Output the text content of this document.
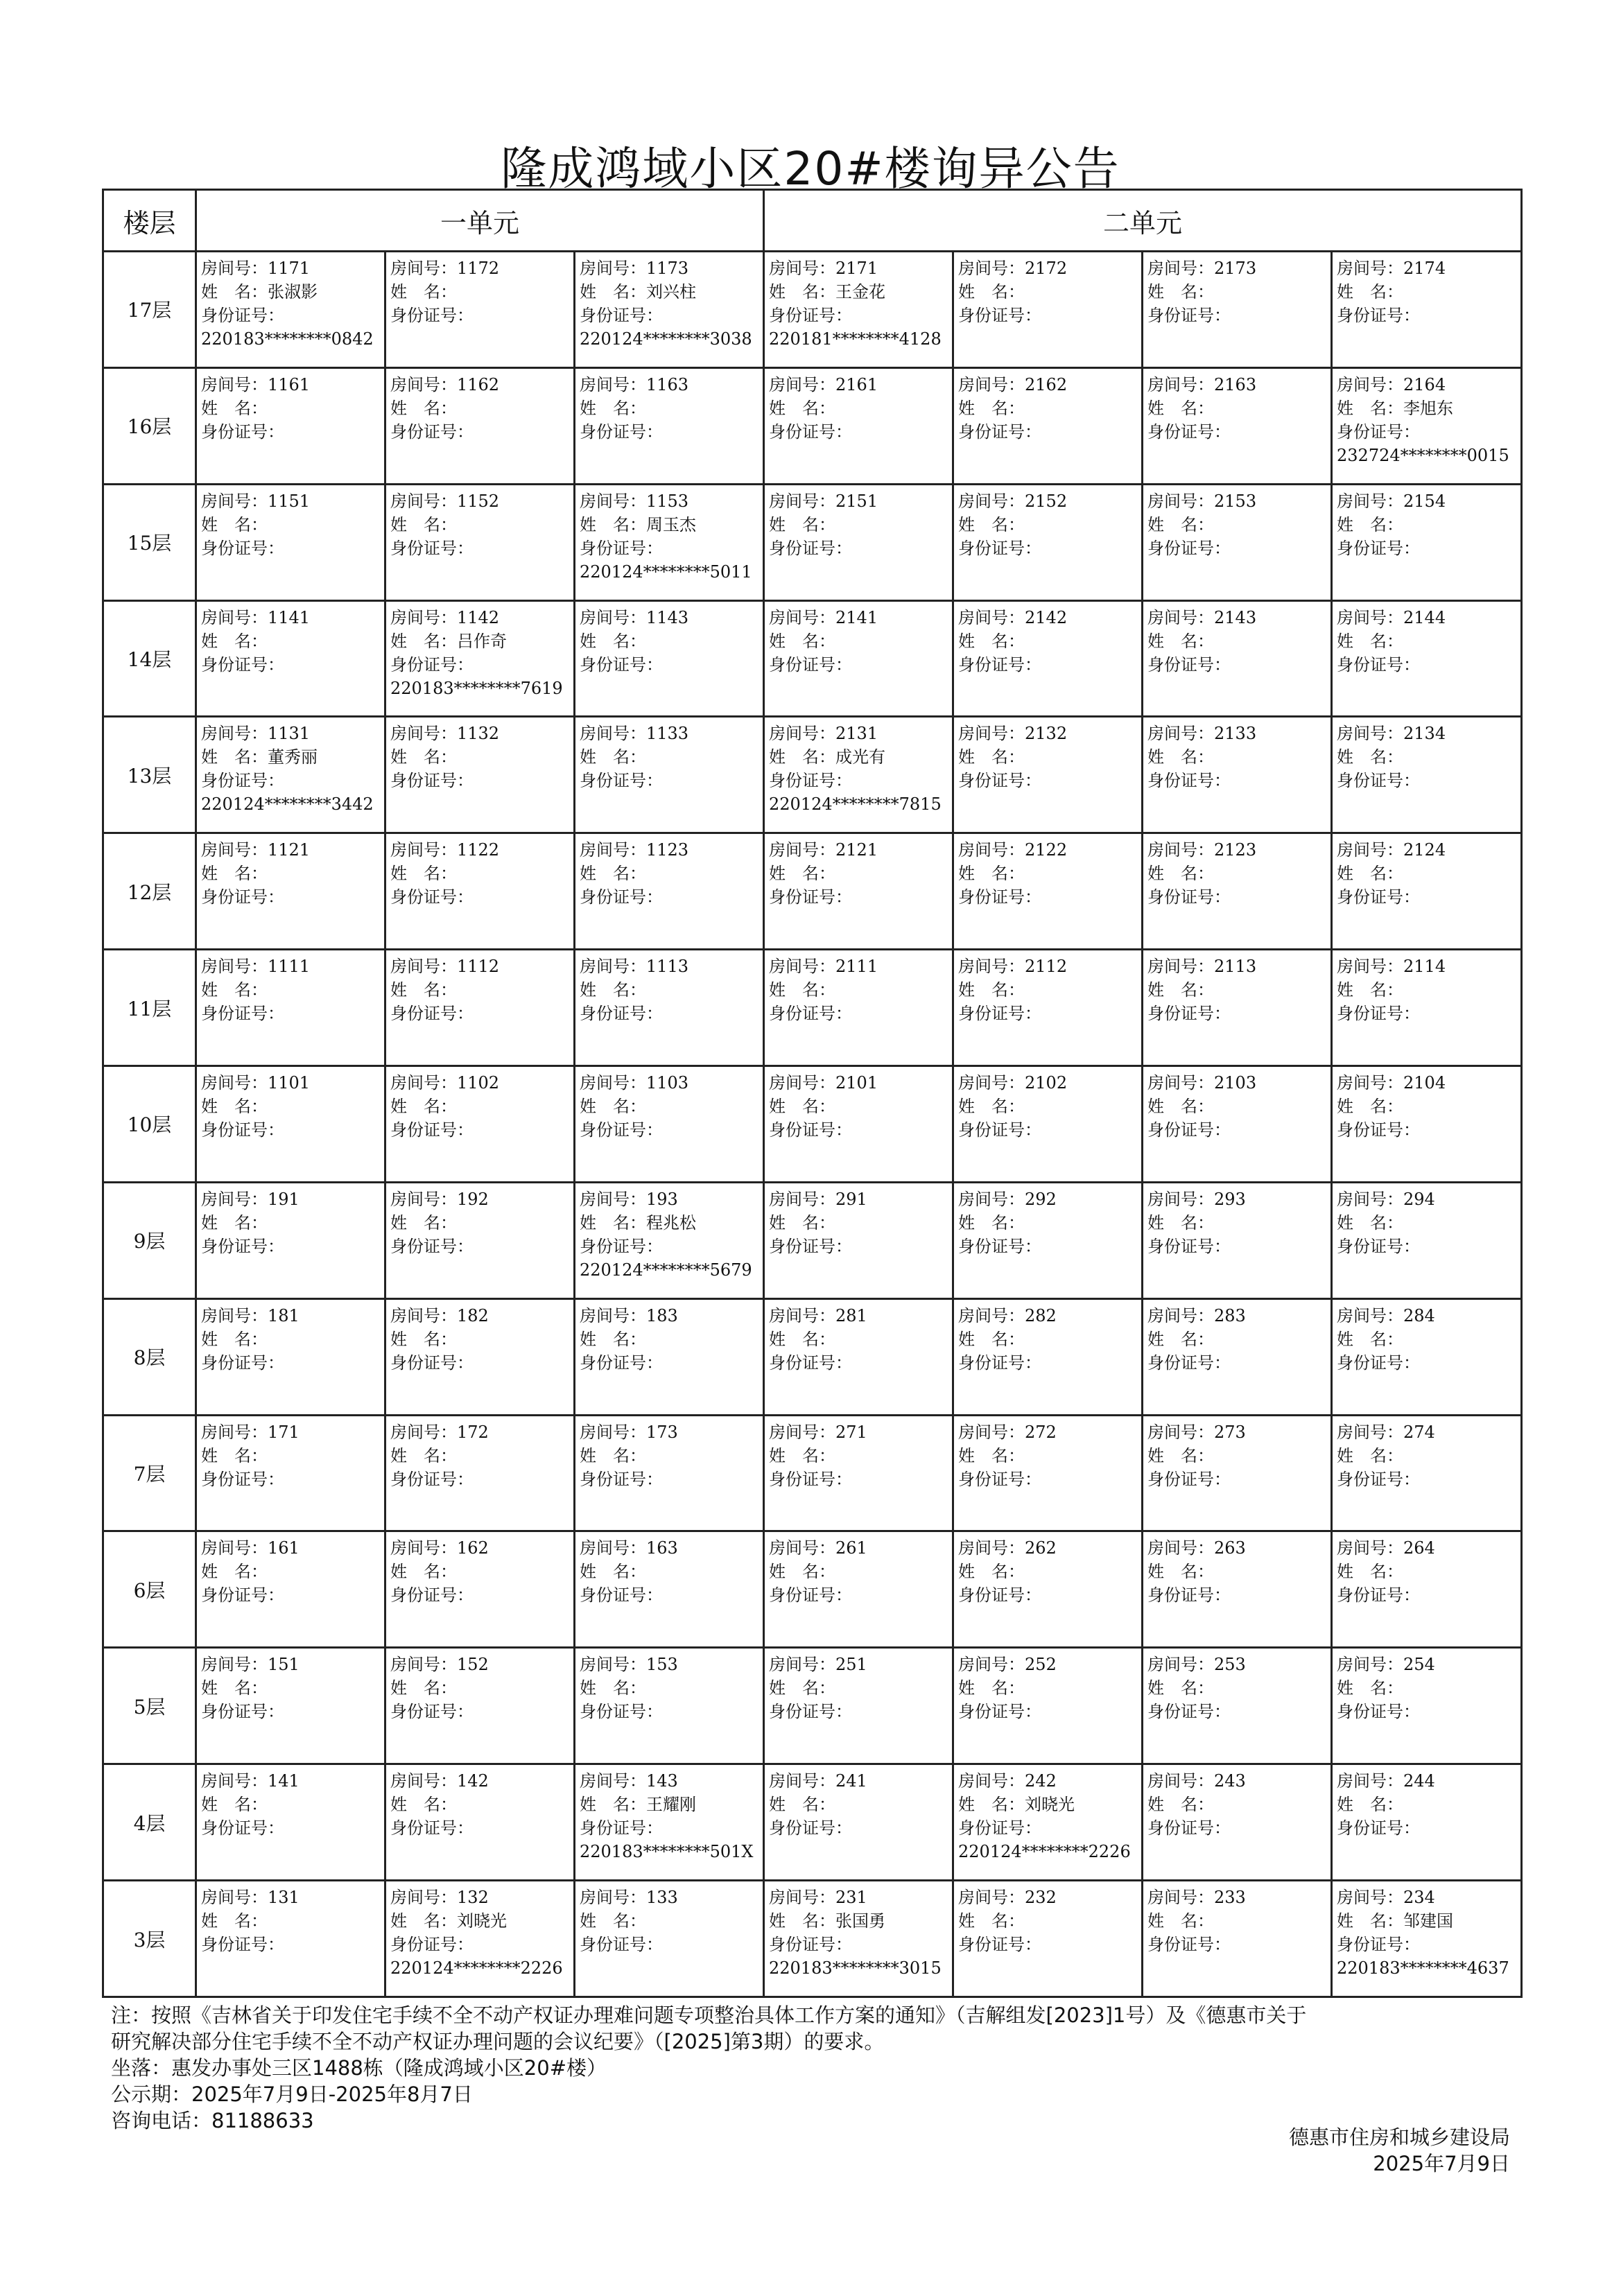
隆成鸿域小区20#楼询异公告
楼层	一单元			二单元			
17层	房间号：1171
姓　名：张淑影
身份证号：
220183********0842	房间号：1172
姓　名：
身份证号：	房间号：1173
姓　名：刘兴柱
身份证号：
220124********3038	房间号：2171
姓　名：王金花
身份证号：
220181********4128	房间号：2172
姓　名：
身份证号：	房间号：2173
姓　名：
身份证号：	房间号：2174
姓　名：
身份证号：

16层	房间号：1161
姓　名：
身份证号：	房间号：1162
姓　名：
身份证号：	房间号：1163
姓　名：
身份证号：	房间号：2161
姓　名：
身份证号：	房间号：2162
姓　名：
身份证号：	房间号：2163
姓　名：
身份证号：	房间号：2164
姓　名：李旭东
身份证号：
232724********0015

15层	房间号：1151
姓　名：
身份证号：	房间号：1152
姓　名：
身份证号：	房间号：1153
姓　名：周玉杰
身份证号：
220124********5011	房间号：2151
姓　名：
身份证号：	房间号：2152
姓　名：
身份证号：	房间号：2153
姓　名：
身份证号：	房间号：2154
姓　名：
身份证号：

14层	房间号：1141
姓　名：
身份证号：	房间号：1142
姓　名：吕作奇
身份证号：
220183********7619	房间号：1143
姓　名：
身份证号：	房间号：2141
姓　名：
身份证号：	房间号：2142
姓　名：
身份证号：	房间号：2143
姓　名：
身份证号：	房间号：2144
姓　名：
身份证号：

13层	房间号：1131
姓　名：董秀丽
身份证号：
220124********3442	房间号：1132
姓　名：
身份证号：	房间号：1133
姓　名：
身份证号：	房间号：2131
姓　名：成光有
身份证号：
220124********7815	房间号：2132
姓　名：
身份证号：	房间号：2133
姓　名：
身份证号：	房间号：2134
姓　名：
身份证号：

12层	房间号：1121
姓　名：
身份证号：	房间号：1122
姓　名：
身份证号：	房间号：1123
姓　名：
身份证号：	房间号：2121
姓　名：
身份证号：	房间号：2122
姓　名：
身份证号：	房间号：2123
姓　名：
身份证号：	房间号：2124
姓　名：
身份证号：

11层	房间号：1111
姓　名：
身份证号：	房间号：1112
姓　名：
身份证号：	房间号：1113
姓　名：
身份证号：	房间号：2111
姓　名：
身份证号：	房间号：2112
姓　名：
身份证号：	房间号：2113
姓　名：
身份证号：	房间号：2114
姓　名：
身份证号：

10层	房间号：1101
姓　名：
身份证号：	房间号：1102
姓　名：
身份证号：	房间号：1103
姓　名：
身份证号：	房间号：2101
姓　名：
身份证号：	房间号：2102
姓　名：
身份证号：	房间号：2103
姓　名：
身份证号：	房间号：2104
姓　名：
身份证号：

9层	房间号：191
姓　名：
身份证号：	房间号：192
姓　名：
身份证号：	房间号：193
姓　名：程兆松
身份证号：
220124********5679	房间号：291
姓　名：
身份证号：	房间号：292
姓　名：
身份证号：	房间号：293
姓　名：
身份证号：	房间号：294
姓　名：
身份证号：

8层	房间号：181
姓　名：
身份证号：	房间号：182
姓　名：
身份证号：	房间号：183
姓　名：
身份证号：	房间号：281
姓　名：
身份证号：	房间号：282
姓　名：
身份证号：	房间号：283
姓　名：
身份证号：	房间号：284
姓　名：
身份证号：

7层	房间号：171
姓　名：
身份证号：	房间号：172
姓　名：
身份证号：	房间号：173
姓　名：
身份证号：	房间号：271
姓　名：
身份证号：	房间号：272
姓　名：
身份证号：	房间号：273
姓　名：
身份证号：	房间号：274
姓　名：
身份证号：

6层	房间号：161
姓　名：
身份证号：	房间号：162
姓　名：
身份证号：	房间号：163
姓　名：
身份证号：	房间号：261
姓　名：
身份证号：	房间号：262
姓　名：
身份证号：	房间号：263
姓　名：
身份证号：	房间号：264
姓　名：
身份证号：

5层	房间号：151
姓　名：
身份证号：	房间号：152
姓　名：
身份证号：	房间号：153
姓　名：
身份证号：	房间号：251
姓　名：
身份证号：	房间号：252
姓　名：
身份证号：	房间号：253
姓　名：
身份证号：	房间号：254
姓　名：
身份证号：

4层	房间号：141
姓　名：
身份证号：	房间号：142
姓　名：
身份证号：	房间号：143
姓　名：王耀刚
身份证号：
220183********501X	房间号：241
姓　名：
身份证号：	房间号：242
姓　名：刘晓光
身份证号：
220124********2226	房间号：243
姓　名：
身份证号：	房间号：244
姓　名：
身份证号：

3层	房间号：131
姓　名：
身份证号：	房间号：132
姓　名：刘晓光
身份证号：
220124********2226	房间号：133
姓　名：
身份证号：	房间号：231
姓　名：张国勇
身份证号：
220183********3015	房间号：232
姓　名：
身份证号：	房间号：233
姓　名：
身份证号：	房间号：234
姓　名：邹建国
身份证号：
220183********4637
注：按照《吉林省关于印发住宅手续不全不动产权证办理难问题专项整治具体工作方案的通知》（吉解组发[2023]1号）及《德惠市关于
研究解决部分住宅手续不全不动产权证办理问题的会议纪要》（[2025]第3期）的要求。
坐落：惠发办事处三区1488栋（隆成鸿域小区20#楼）
公示期：2025年7月9日-2025年8月7日
咨询电话：81188633
德惠市住房和城乡建设局
2025年7月9日
